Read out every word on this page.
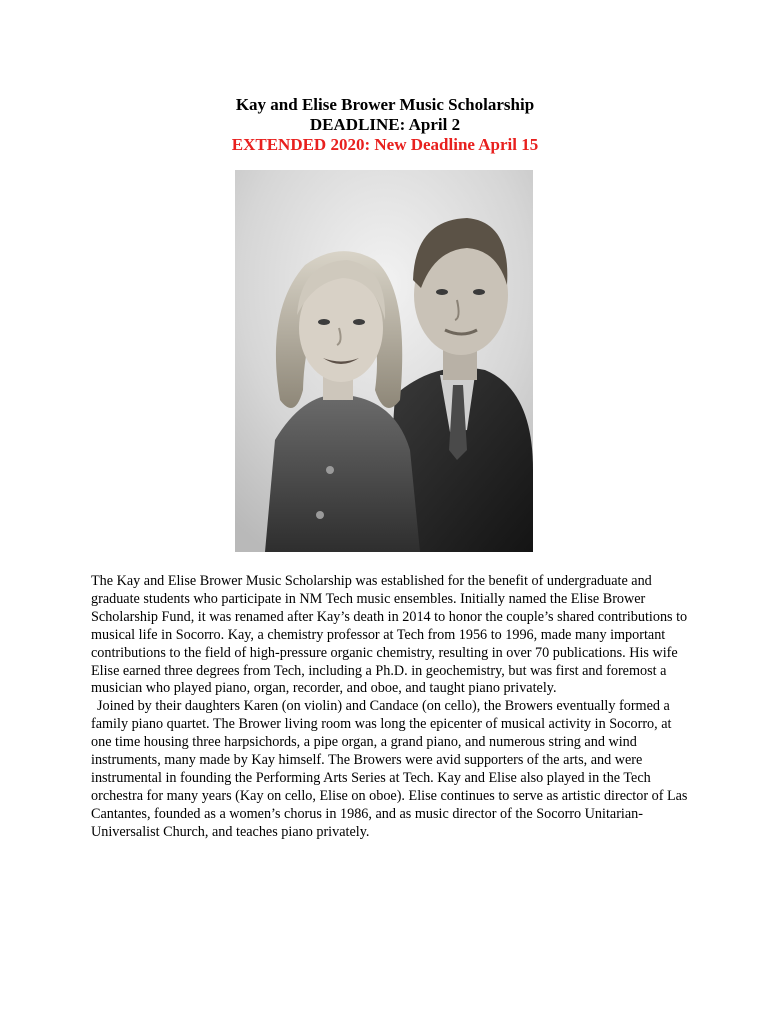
Kay and Elise Brower Music Scholarship
DEADLINE: April 2
EXTENDED 2020: New Deadline April 15

The Kay and Elise Brower Music Scholarship was established for the benefit of undergraduate and graduate students who participate in NM Tech music ensembles. Initially named the Elise Brower Scholarship Fund, it was renamed after Kay’s death in 2014 to honor the couple’s shared contributions to musical life in Socorro. Kay, a chemistry professor at Tech from 1956 to 1996, made many important contributions to the field of high-pressure organic chemistry, resulting in over 70 publications. His wife Elise earned three degrees from Tech, including a Ph.D. in geochemistry, but was first and foremost a musician who played piano, organ, recorder, and oboe, and taught piano privately.

Joined by their daughters Karen (on violin) and Candace (on cello), the Browers eventually formed a family piano quartet. The Brower living room was long the epicenter of musical activity in Socorro, at one time housing three harpsichords, a pipe organ, a grand piano, and numerous string and wind instruments, many made by Kay himself. The Browers were avid supporters of the arts, and were instrumental in founding the Performing Arts Series at Tech. Kay and Elise also played in the Tech orchestra for many years (Kay on cello, Elise on oboe). Elise continues to serve as artistic director of Las Cantantes, founded as a women’s chorus in 1986, and as music director of the Socorro Unitarian-Universalist Church, and teaches piano privately.
